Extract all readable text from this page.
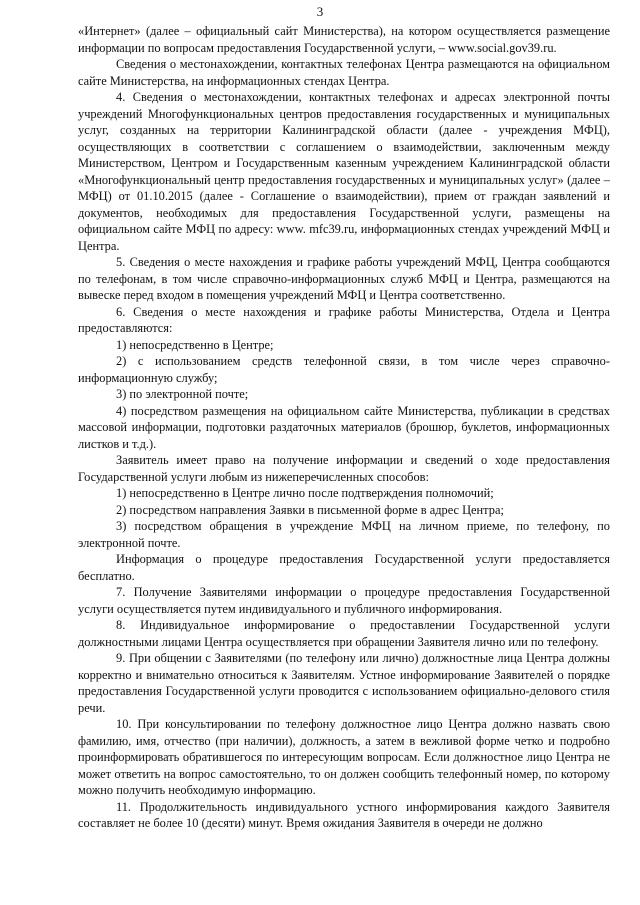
3

«Интернет» (далее – официальный сайт Министерства), на котором осуществляется размещение информации по вопросам предоставления Государственной услуги, – www.social.gov39.ru.

Сведения о местонахождении, контактных телефонах Центра размещаются на официальном сайте Министерства, на информационных стендах Центра.

4. Сведения о местонахождении, контактных телефонах и адресах электронной почты учреждений Многофункциональных центров предоставления государственных и муниципальных услуг, созданных на территории Калининградской области (далее - учреждения МФЦ), осуществляющих в соответствии с соглашением о взаимодействии, заключенным между Министерством, Центром и Государственным казенным учреждением Калининградской области «Многофункциональный центр предоставления государственных и муниципальных услуг» (далее – МФЦ) от 01.10.2015 (далее - Соглашение о взаимодействии), прием от граждан заявлений и документов, необходимых для предоставления Государственной услуги, размещены на официальном сайте МФЦ по адресу: www. mfc39.ru, информационных стендах учреждений МФЦ и Центра.

5. Сведения о месте нахождения и графике работы учреждений МФЦ, Центра сообщаются по телефонам, в том числе справочно-информационных служб МФЦ и Центра, размещаются на вывеске перед входом в помещения учреждений МФЦ и Центра соответственно.

6. Сведения о месте нахождения и графике работы Министерства, Отдела и Центра предоставляются:

1) непосредственно в Центре;

2) с использованием средств телефонной связи, в том числе через справочно-информационную службу;

3) по электронной почте;

4) посредством размещения на официальном сайте Министерства, публикации в средствах массовой информации, подготовки раздаточных материалов (брошюр, буклетов, информационных листков и т.д.).

Заявитель имеет право на получение информации и сведений о ходе предоставления Государственной услуги любым из нижеперечисленных способов:

1) непосредственно в Центре лично после подтверждения полномочий;

2) посредством направления Заявки в письменной форме в адрес Центра;

3) посредством обращения в учреждение МФЦ на личном приеме, по телефону, по электронной почте.

Информация о процедуре предоставления Государственной услуги предоставляется бесплатно.

7. Получение Заявителями информации о процедуре предоставления Государственной услуги осуществляется путем индивидуального и публичного информирования.

8. Индивидуальное информирование о предоставлении Государственной услуги должностными лицами Центра осуществляется при обращении Заявителя лично или по телефону.

9. При общении с Заявителями (по телефону или лично) должностные лица Центра должны корректно и внимательно относиться к Заявителям. Устное информирование Заявителей о порядке предоставления Государственной услуги проводится с использованием официально-делового стиля речи.

10. При консультировании по телефону должностное лицо Центра должно назвать свою фамилию, имя, отчество (при наличии), должность, а затем в вежливой форме четко и подробно проинформировать обратившегося по интересующим вопросам. Если должностное лицо Центра не может ответить на вопрос самостоятельно, то он должен сообщить телефонный номер, по которому можно получить необходимую информацию.

11. Продолжительность индивидуального устного информирования каждого Заявителя составляет не более 10 (десяти) минут. Время ожидания Заявителя в очереди не должно
